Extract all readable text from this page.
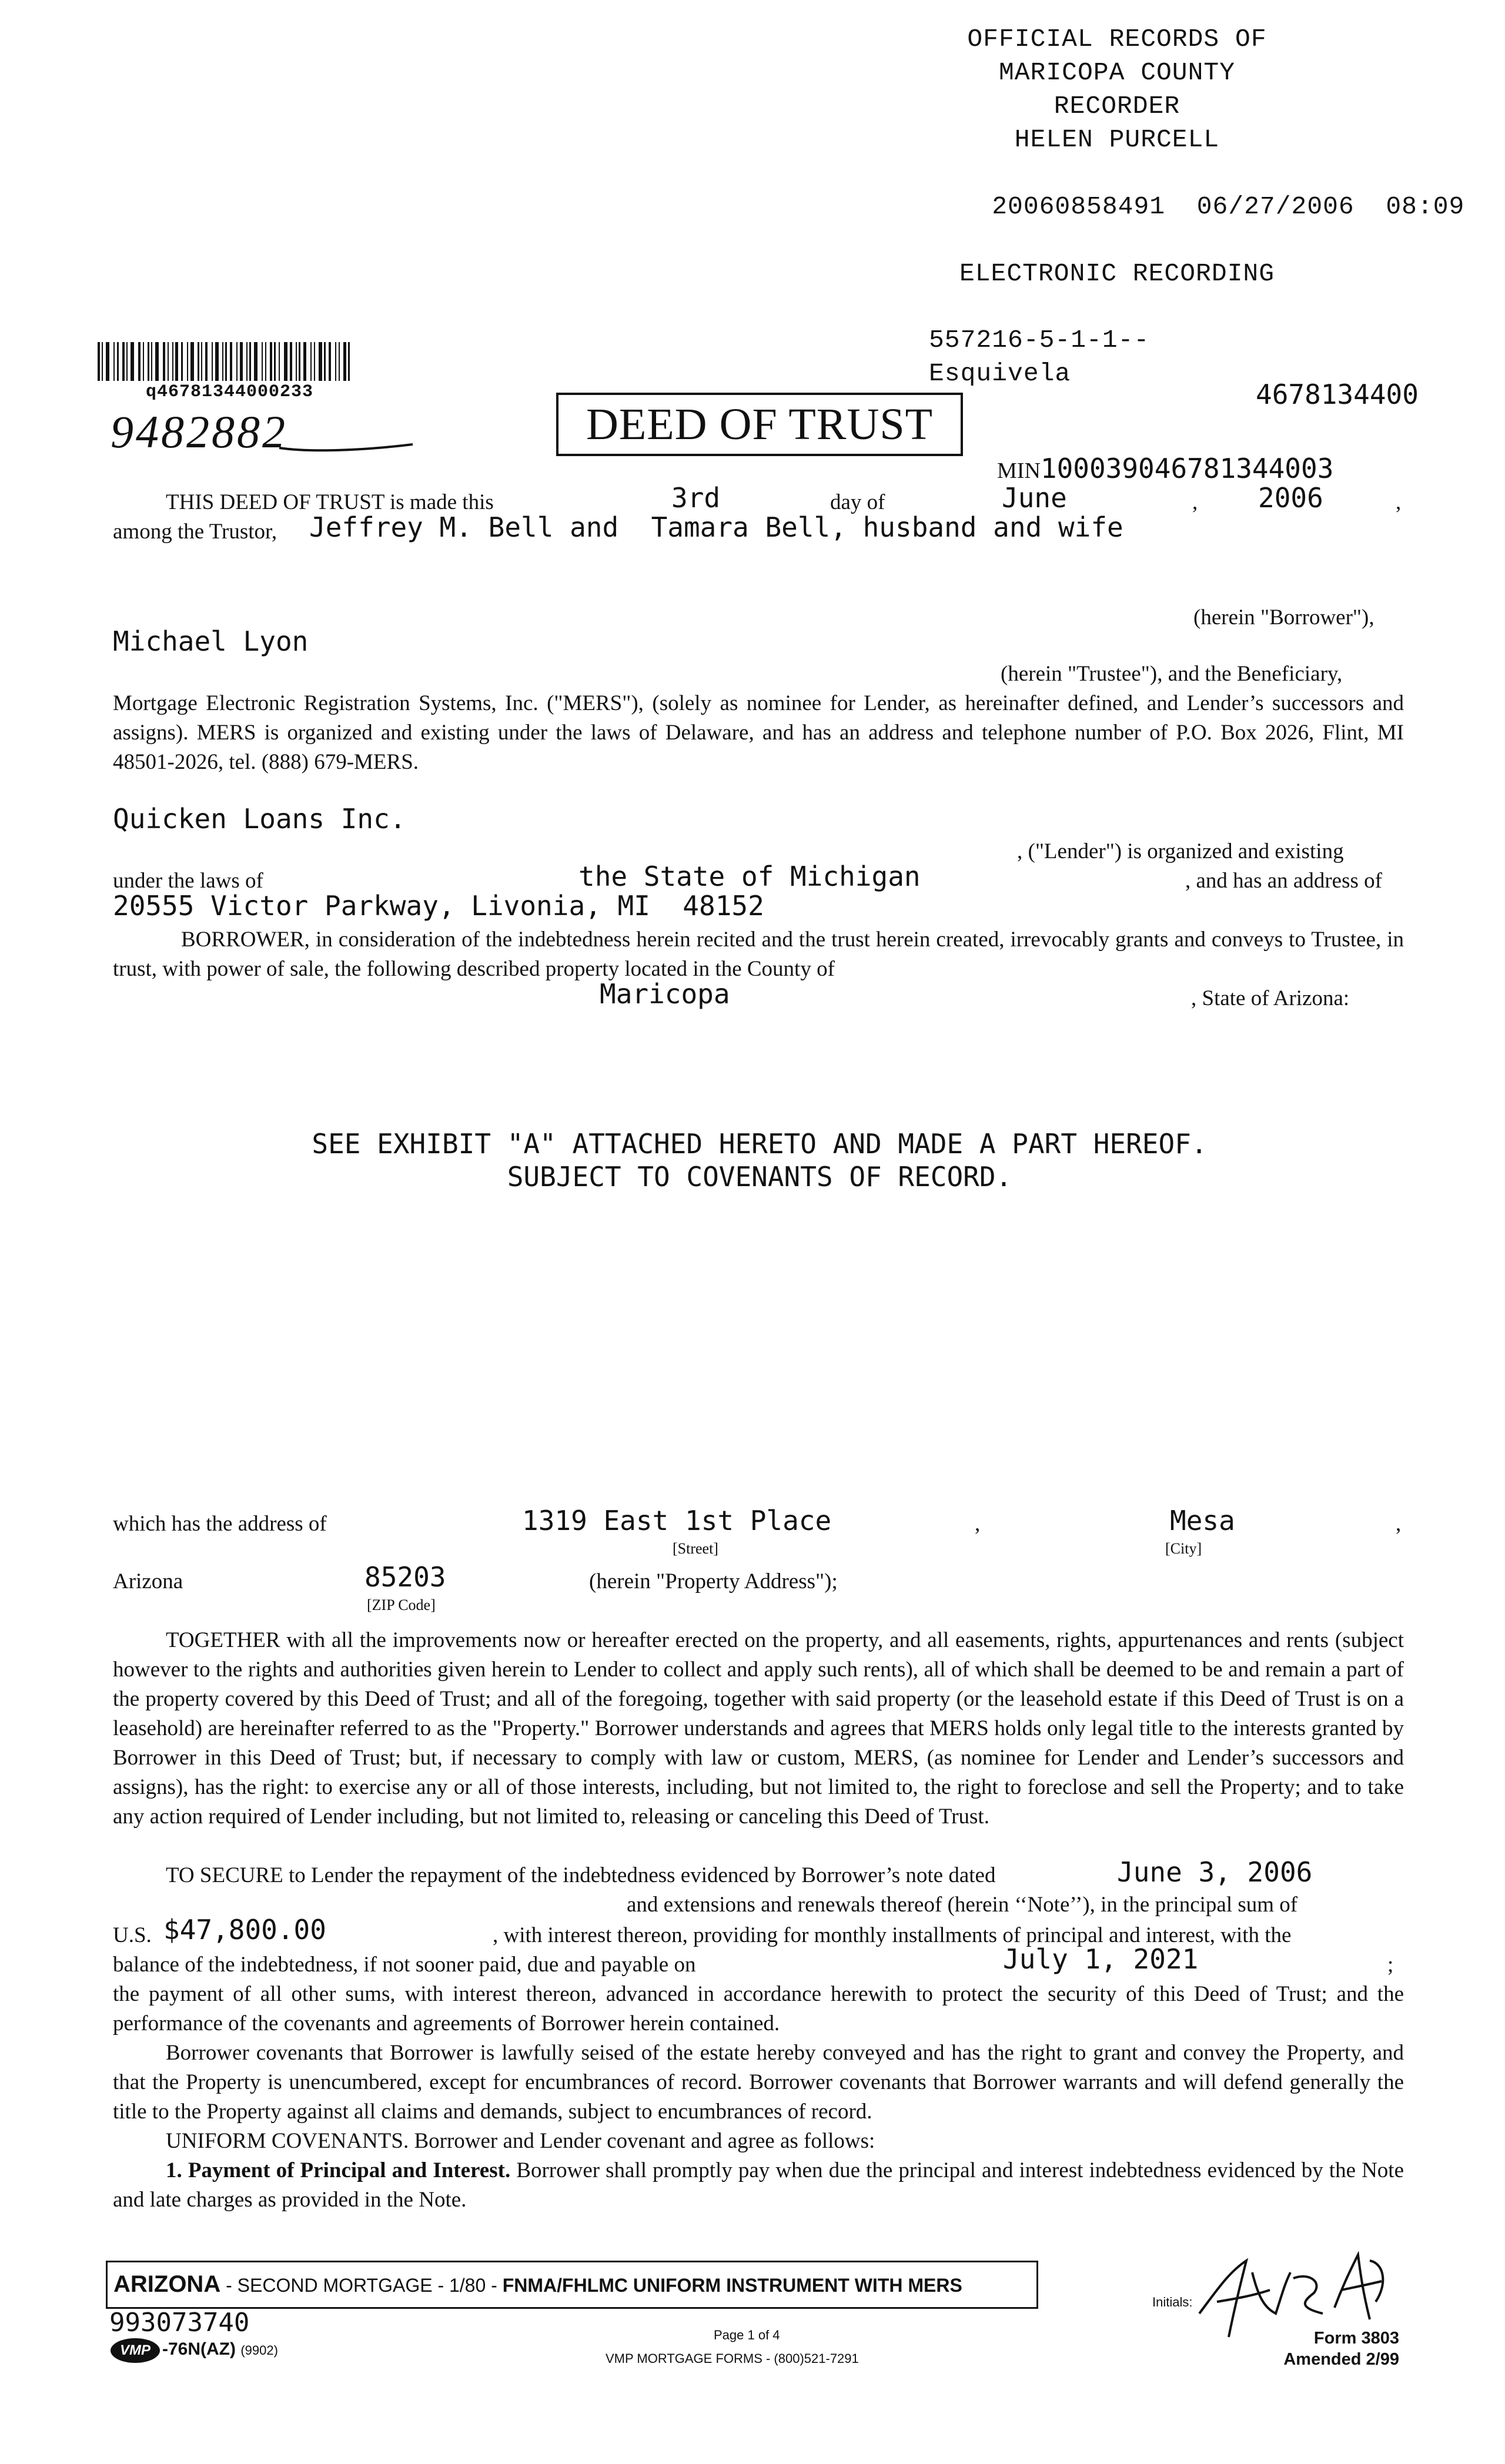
OFFICIAL RECORDS OF
MARICOPA COUNTY RECORDER
HELEN PURCELL

20060858491 06/27/2006 08:09

ELECTRONIC RECORDING
557216-5-1-1--
Esquivela
q46781344000233
9482882	DEED OF TRUST
4678134400
MIN100039046781344003
THIS DEED OF TRUST is made this	3rd	day of	June	, 2006	,
among the Trustor, Jeffrey M. Bell and  Tamara Bell, husband and wife
(herein "Borrower"),
Michael Lyon
(herein "Trustee"), and the Beneficiary,
Mortgage Electronic Registration Systems, Inc. ("MERS"), (solely as nominee for Lender, as hereinafter defined, and Lender’s successors and assigns). MERS is organized and existing under the laws of Delaware, and has an address and telephone number of P.O. Box 2026, Flint, MI 48501-2026, tel. (888) 679-MERS.
Quicken Loans Inc.
, ("Lender") is organized and existing
under the laws of	the State of Michigan	, and has an address of
20555 Victor Parkway, Livonia, MI  48152
BORROWER, in consideration of the indebtedness herein recited and the trust herein created, irrevocably grants and conveys to Trustee, in trust, with power of sale, the following described property located in the County of
Maricopa	, State of Arizona:
SEE EXHIBIT "A" ATTACHED HERETO AND MADE A PART HEREOF.
SUBJECT TO COVENANTS OF RECORD.
which has the address of	1319 East 1st Place	,	Mesa	,
[Street]	[City]
Arizona	85203	(herein "Property Address");
[ZIP Code]
TOGETHER with all the improvements now or hereafter erected on the property, and all easements, rights, appurtenances and rents (subject however to the rights and authorities given herein to Lender to collect and apply such rents), all of which shall be deemed to be and remain a part of the property covered by this Deed of Trust; and all of the foregoing, together with said property (or the leasehold estate if this Deed of Trust is on a leasehold) are hereinafter referred to as the "Property." Borrower understands and agrees that MERS holds only legal title to the interests granted by Borrower in this Deed of Trust; but, if necessary to comply with law or custom, MERS, (as nominee for Lender and Lender’s successors and assigns), has the right: to exercise any or all of those interests, including, but not limited to, the right to foreclose and sell the Property; and to take any action required of Lender including, but not limited to, releasing or canceling this Deed of Trust.
TO SECURE to Lender the repayment of the indebtedness evidenced by Borrower’s note dated	June 3, 2006
and extensions and renewals thereof (herein ‘‘Note’’), in the principal sum of
U.S. $47,800.00	, with interest thereon, providing for monthly installments of principal and interest, with the
balance of the indebtedness, if not sooner paid, due and payable on	July 1, 2021	;
the payment of all other sums, with interest thereon, advanced in accordance herewith to protect the security of this Deed of Trust; and the performance of the covenants and agreements of Borrower herein contained.
Borrower covenants that Borrower is lawfully seised of the estate hereby conveyed and has the right to grant and convey the Property, and that the Property is unencumbered, except for encumbrances of record. Borrower covenants that Borrower warrants and will defend generally the title to the Property against all claims and demands, subject to encumbrances of record.
UNIFORM COVENANTS. Borrower and Lender covenant and agree as follows:
1. Payment of Principal and Interest. Borrower shall promptly pay when due the principal and interest indebtedness evidenced by the Note and late charges as provided in the Note.
ARIZONA - SECOND MORTGAGE - 1/80 - FNMA/FHLMC UNIFORM INSTRUMENT WITH MERS
993073740
VMP -76N(AZ) (9902)
Page 1 of 4
VMP MORTGAGE FORMS - (800)521-7291
Initials:
Form 3803
Amended 2/99
